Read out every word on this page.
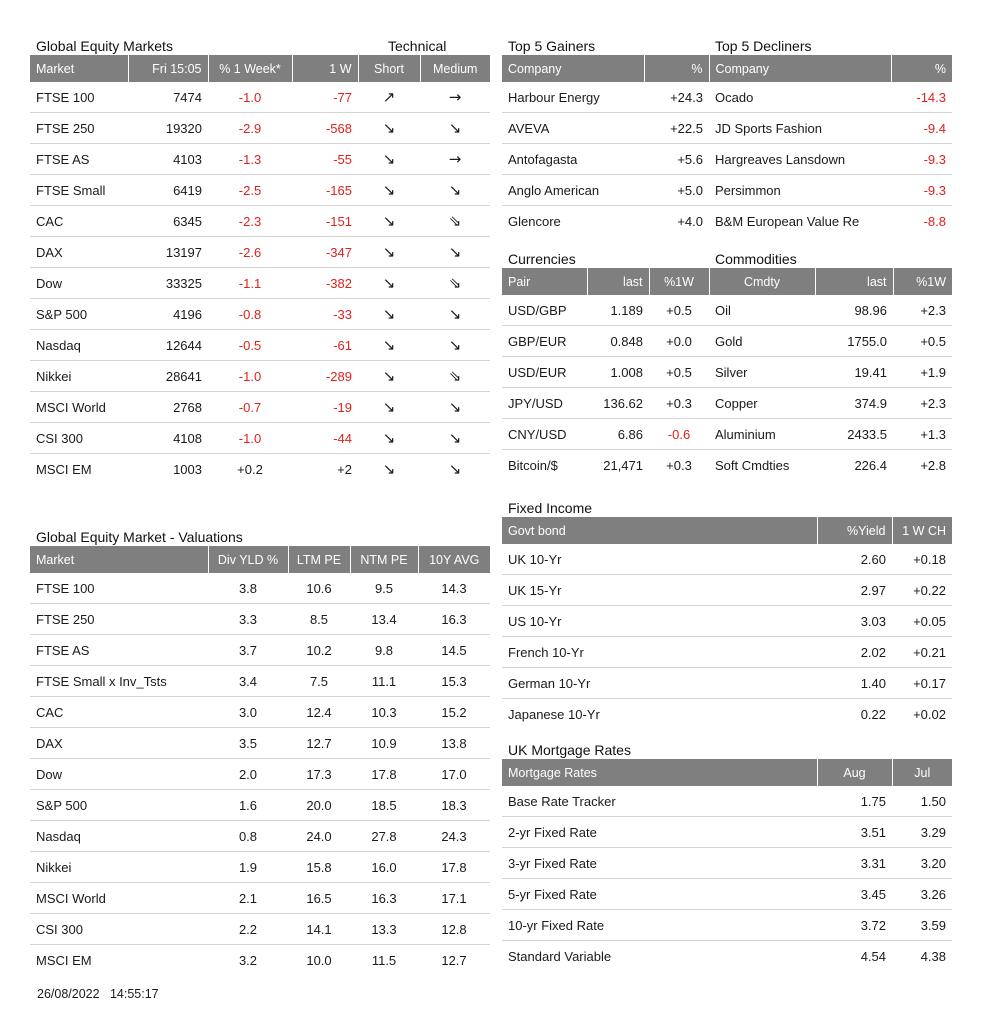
Global Equity Markets	Technical
Market	Fri 15:05	% 1 Week*	1 W	Short	Medium
FTSE 100	7474	-1.0	-77	↗	→
FTSE 250	19320	-2.9	-568	↘	↘
FTSE AS	4103	-1.3	-55	↘	→
FTSE Small	6419	-2.5	-165	↘	↘
CAC	6345	-2.3	-151	↘	⇘
DAX	13197	-2.6	-347	↘	↘
Dow	33325	-1.1	-382	↘	⇘
S&P 500	4196	-0.8	-33	↘	↘
Nasdaq	12644	-0.5	-61	↘	↘
Nikkei	28641	-1.0	-289	↘	⇘
MSCI World	2768	-0.7	-19	↘	↘
CSI 300	4108	-1.0	-44	↘	↘
MSCI EM	1003	+0.2	+2	↘	↘
Top 5 Gainers	Top 5 Decliners
Company	%	Company	%
Harbour Energy	+24.3	Ocado	-14.3
AVEVA	+22.5	JD Sports Fashion	-9.4
Antofagasta	+5.6	Hargreaves Lansdown	-9.3
Anglo American	+5.0	Persimmon	-9.3
Glencore	+4.0	B&M European Value Re	-8.8
Currencies	Commodities
Pair	last	%1W	Cmdty	last	%1W
USD/GBP	1.189	+0.5	Oil	98.96	+2.3
GBP/EUR	0.848	+0.0	Gold	1755.0	+0.5
USD/EUR	1.008	+0.5	Silver	19.41	+1.9
JPY/USD	136.62	+0.3	Copper	374.9	+2.3
CNY/USD	6.86	-0.6	Aluminium	2433.5	+1.3
Bitcoin/$	21,471	+0.3	Soft Cmdties	226.4	+2.8
Fixed Income
Govt bond	%Yield	1 W CH
UK 10-Yr	2.60	+0.18
UK 15-Yr	2.97	+0.22
US 10-Yr	3.03	+0.05
French 10-Yr	2.02	+0.21
German 10-Yr	1.40	+0.17
Japanese 10-Yr	0.22	+0.02
UK Mortgage Rates
Mortgage Rates	Aug	Jul
Base Rate Tracker	1.75	1.50
2-yr Fixed Rate	3.51	3.29
3-yr Fixed Rate	3.31	3.20
5-yr Fixed Rate	3.45	3.26
10-yr Fixed Rate	3.72	3.59
Standard Variable	4.54	4.38
Global Equity Market - Valuations
Market	Div YLD %	LTM PE	NTM PE	10Y AVG
FTSE 100	3.8	10.6	9.5	14.3
FTSE 250	3.3	8.5	13.4	16.3
FTSE AS	3.7	10.2	9.8	14.5
FTSE Small x Inv_Tsts	3.4	7.5	11.1	15.3
CAC	3.0	12.4	10.3	15.2
DAX	3.5	12.7	10.9	13.8
Dow	2.0	17.3	17.8	17.0
S&P 500	1.6	20.0	18.5	18.3
Nasdaq	0.8	24.0	27.8	24.3
Nikkei	1.9	15.8	16.0	17.8
MSCI World	2.1	16.5	16.3	17.1
CSI 300	2.2	14.1	13.3	12.8
MSCI EM	3.2	10.0	11.5	12.7
26/08/2022   14:55:17
